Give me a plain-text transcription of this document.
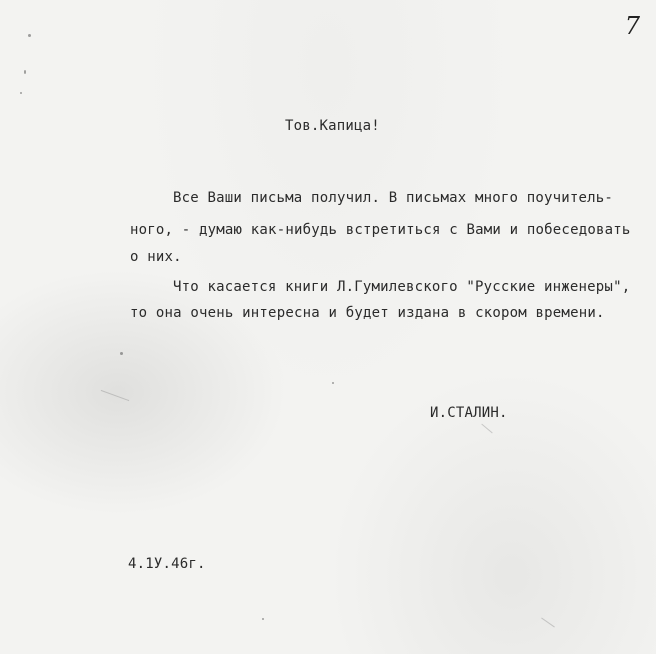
7
Тов.Капица!
Все Ваши письма получил. В письмах много поучитель-
ного, - думаю как-нибудь встретиться с Вами и побеседовать
о них.
Что касается книги Л.Гумилевского "Русские инженеры",
то она очень интересна и будет издана в скором времени.
И.СТАЛИН.
4.1У.46г.
